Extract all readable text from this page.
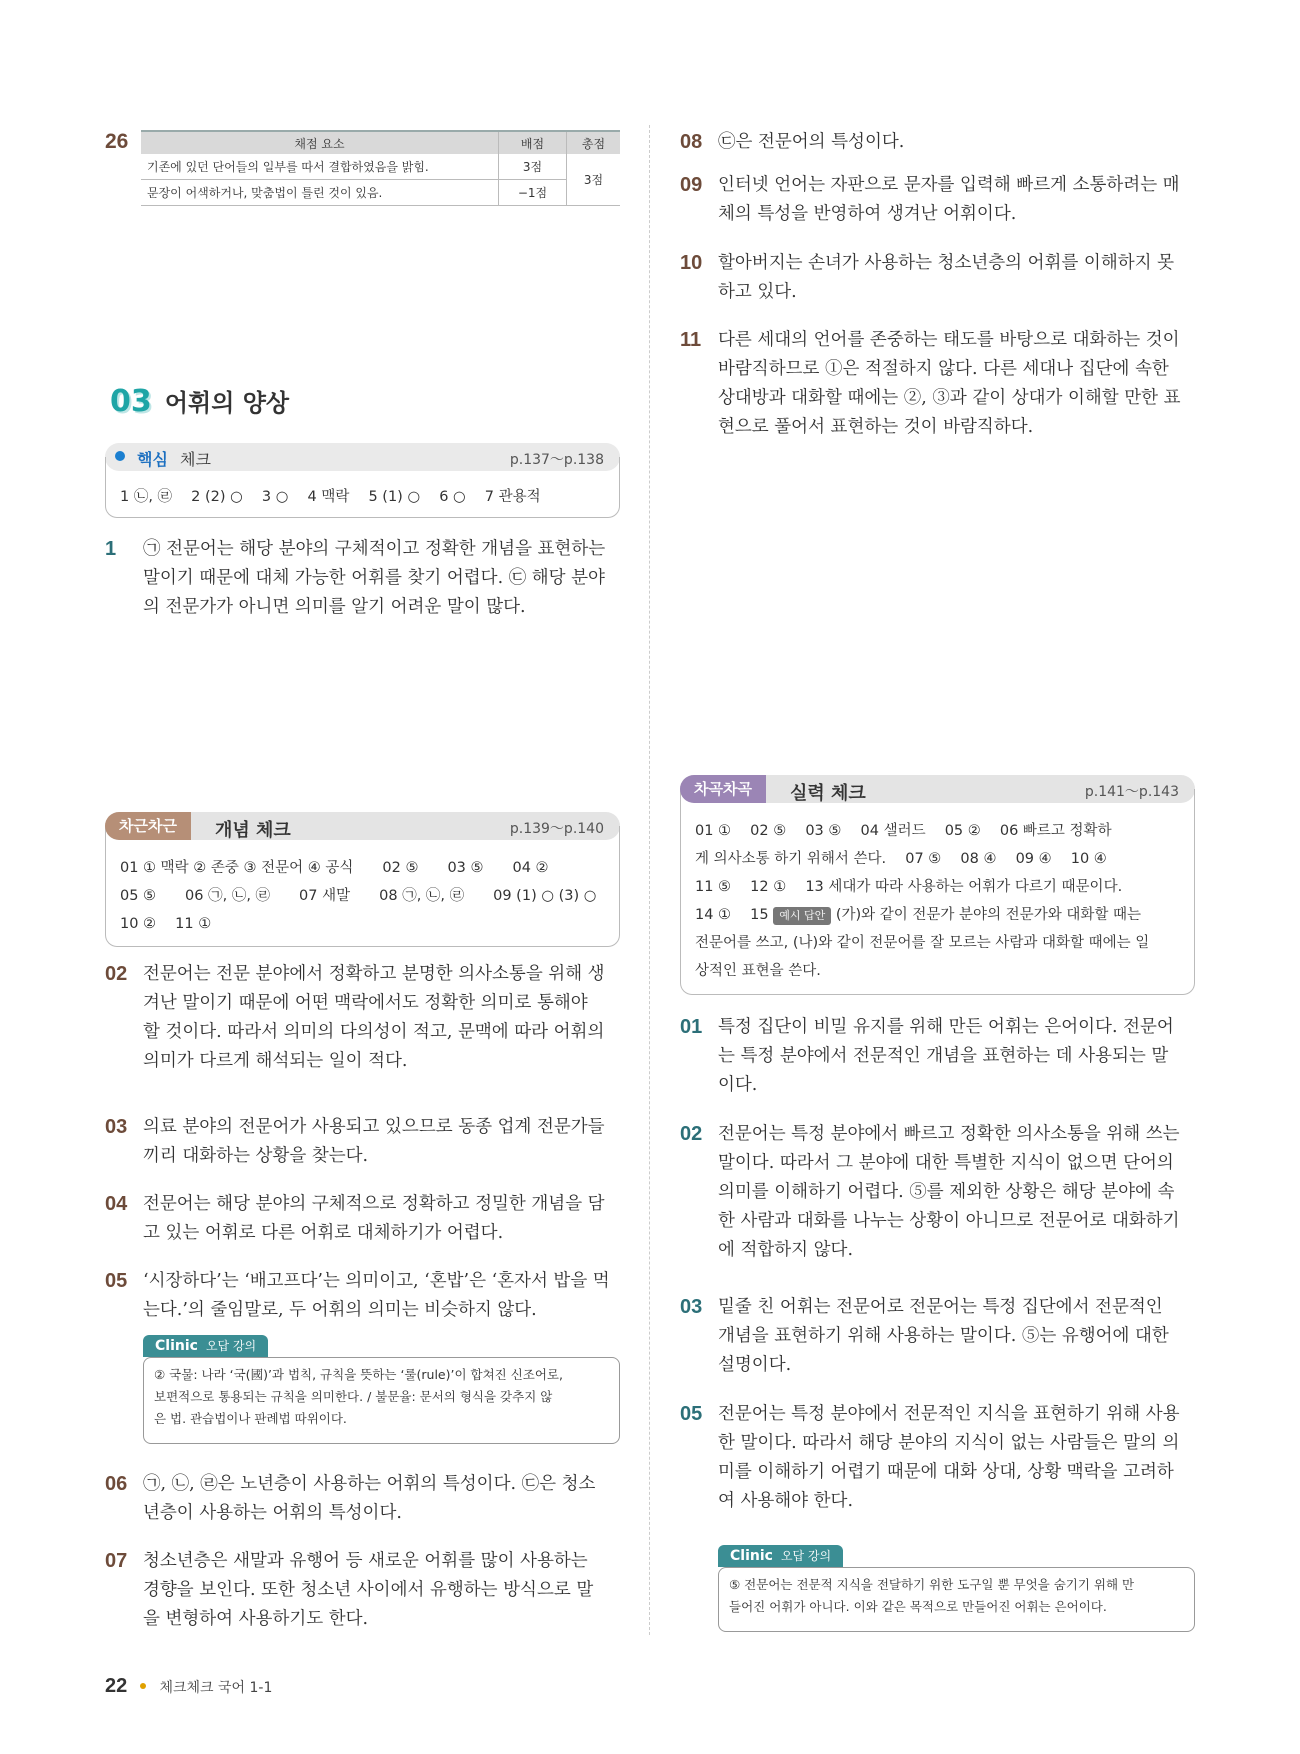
26	채점 요소	배점	총점
기존에 있던 단어들의 일부를 따서 결합하였음을 밝힘.	3점	3점
문장이 어색하거나, 맞춤법이 틀린 것이 있음.	−1점	
03 어휘의 양상
핵심 체크	p.137～p.138
1 ㉡, ㉣　 2 (2) ○　 3 ○　 4 맥락　 5 (1) ○　 6 ○　 7 관용적
1 ㉠ 전문어는 해당 분야의 구체적이고 정확한 개념을 표현하는
말이기 때문에 대체 가능한 어휘를 찾기 어렵다. ㉢ 해당 분야
의 전문가가 아니면 의미를 알기 어려운 말이 많다.
차근차근	개념 체크	p.139～p.140
01 ① 맥락 ② 존중 ③ 전문어 ④ 공식　　02 ⑤　　03 ⑤　　04 ②
05 ⑤　　06 ㉠, ㉡, ㉣　　07 새말　　08 ㉠, ㉡, ㉣　　09 (1) ○ (3) ○
10 ②　 11 ①
02 전문어는 전문 분야에서 정확하고 분명한 의사소통을 위해 생
겨난 말이기 때문에 어떤 맥락에서도 정확한 의미로 통해야
할 것이다. 따라서 의미의 다의성이 적고, 문맥에 따라 어휘의
의미가 다르게 해석되는 일이 적다.
03 의료 분야의 전문어가 사용되고 있으므로 동종 업계 전문가들
끼리 대화하는 상황을 찾는다.
04 전문어는 해당 분야의 구체적으로 정확하고 정밀한 개념을 담
고 있는 어휘로 다른 어휘로 대체하기가 어렵다.
05 ‘시장하다’는 ‘배고프다’는 의미이고, ‘혼밥’은 ‘혼자서 밥을 먹
는다.’의 줄임말로, 두 어휘의 의미는 비슷하지 않다.
Clinic 오답 강의
② 국물: 나라 ‘국(國)’과 법칙, 규칙을 뜻하는 ‘룰(rule)’이 합쳐진 신조어로,
보편적으로 통용되는 규칙을 의미한다. / 불문율: 문서의 형식을 갖추지 않
은 법. 관습법이나 판례법 따위이다.
06 ㉠, ㉡, ㉣은 노년층이 사용하는 어휘의 특성이다. ㉢은 청소
년층이 사용하는 어휘의 특성이다.
07 청소년층은 새말과 유행어 등 새로운 어휘를 많이 사용하는
경향을 보인다. 또한 청소년 사이에서 유행하는 방식으로 말
을 변형하여 사용하기도 한다.
08 ㉢은 전문어의 특성이다.
09 인터넷 언어는 자판으로 문자를 입력해 빠르게 소통하려는 매
체의 특성을 반영하여 생겨난 어휘이다.
10 할아버지는 손녀가 사용하는 청소년층의 어휘를 이해하지 못
하고 있다.
11 다른 세대의 언어를 존중하는 태도를 바탕으로 대화하는 것이
바람직하므로 ①은 적절하지 않다. 다른 세대나 집단에 속한
상대방과 대화할 때에는 ②, ③과 같이 상대가 이해할 만한 표
현으로 풀어서 표현하는 것이 바람직하다.
차곡차곡	실력 체크	p.141～p.143
01 ①　 02 ⑤　 03 ⑤　 04 샐러드　 05 ②　 06 빠르고 정확하
게 의사소통 하기 위해서 쓴다.　 07 ⑤　 08 ④　 09 ④　 10 ④
11 ⑤　 12 ①　 13 세대가 따라 사용하는 어휘가 다르기 때문이다.
14 ①　 15 예시 답안 (가)와 같이 전문가 분야의 전문가와 대화할 때는
전문어를 쓰고, (나)와 같이 전문어를 잘 모르는 사람과 대화할 때에는 일
상적인 표현을 쓴다.
01 특정 집단이 비밀 유지를 위해 만든 어휘는 은어이다. 전문어
는 특정 분야에서 전문적인 개념을 표현하는 데 사용되는 말
이다.
02 전문어는 특정 분야에서 빠르고 정확한 의사소통을 위해 쓰는
말이다. 따라서 그 분야에 대한 특별한 지식이 없으면 단어의
의미를 이해하기 어렵다. ⑤를 제외한 상황은 해당 분야에 속
한 사람과 대화를 나누는 상황이 아니므로 전문어로 대화하기
에 적합하지 않다.
03 밑줄 친 어휘는 전문어로 전문어는 특정 집단에서 전문적인
개념을 표현하기 위해 사용하는 말이다. ⑤는 유행어에 대한
설명이다.
05 전문어는 특정 분야에서 전문적인 지식을 표현하기 위해 사용
한 말이다. 따라서 해당 분야의 지식이 없는 사람들은 말의 의
미를 이해하기 어렵기 때문에 대화 상대, 상황 맥락을 고려하
여 사용해야 한다.
Clinic 오답 강의
⑤ 전문어는 전문적 지식을 전달하기 위한 도구일 뿐 무엇을 숨기기 위해 만
들어진 어휘가 아니다. 이와 같은 목적으로 만들어진 어휘는 은어이다.
22 체크체크 국어 1-1
